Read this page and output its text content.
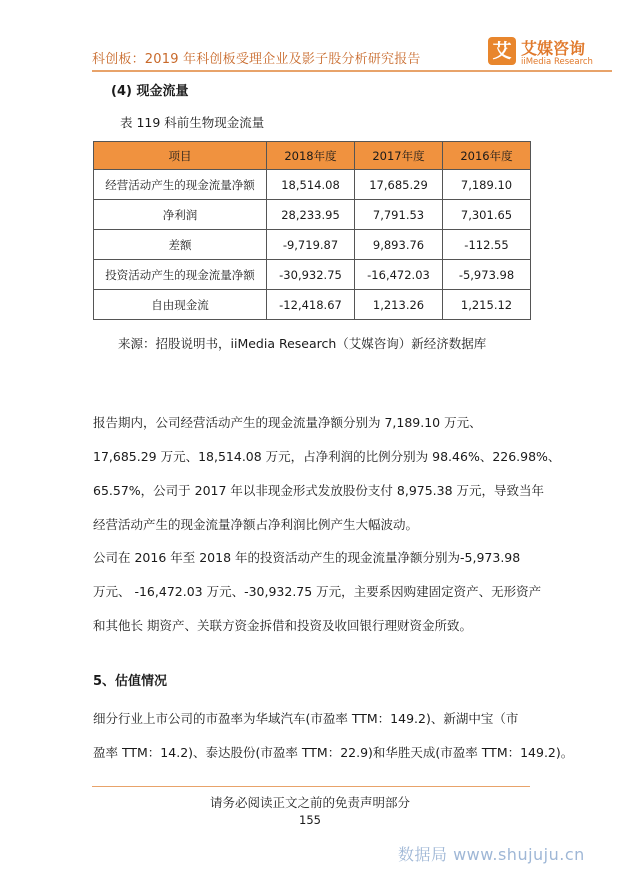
科创板：2019 年科创板受理企业及影子股分析研究报告	艾 艾媒咨询
iiMedia Research
(4) 现金流量
表 119 科前生物现金流量
项目	2018年度	2017年度	2016年度
经营活动产生的现金流量净额	18,514.08	17,685.29	7,189.10
净利润	28,233.95	7,791.53	7,301.65
差额	-9,719.87	9,893.76	-112.55
投资活动产生的现金流量净额	-30,932.75	-16,472.03	-5,973.98
自由现金流	-12,418.67	1,213.26	1,215.12
来源：招股说明书，iiMedia Research（艾媒咨询）新经济数据库
报告期内，公司经营活动产生的现金流量净额分别为 7,189.10 万元、
17,685.29 万元、18,514.08 万元，占净利润的比例分别为 98.46%、226.98%、
65.57%，公司于 2017 年以非现金形式发放股份支付 8,975.38 万元，导致当年
经营活动产生的现金流量净额占净利润比例产生大幅波动。
公司在 2016 年至 2018 年的投资活动产生的现金流量净额分别为-5,973.98
万元、 -16,472.03 万元、-30,932.75 万元，主要系因购建固定资产、无形资产
和其他长 期资产、关联方资金拆借和投资及收回银行理财资金所致。
5、估值情况
细分行业上市公司的市盈率为华域汽车(市盈率 TTM：149.2)、新湖中宝（市
盈率 TTM：14.2)、泰达股份(市盈率 TTM：22.9)和华胜天成(市盈率 TTM：149.2)。
请务必阅读正文之前的免责声明部分
155
数据局 www.shujuju.cn
